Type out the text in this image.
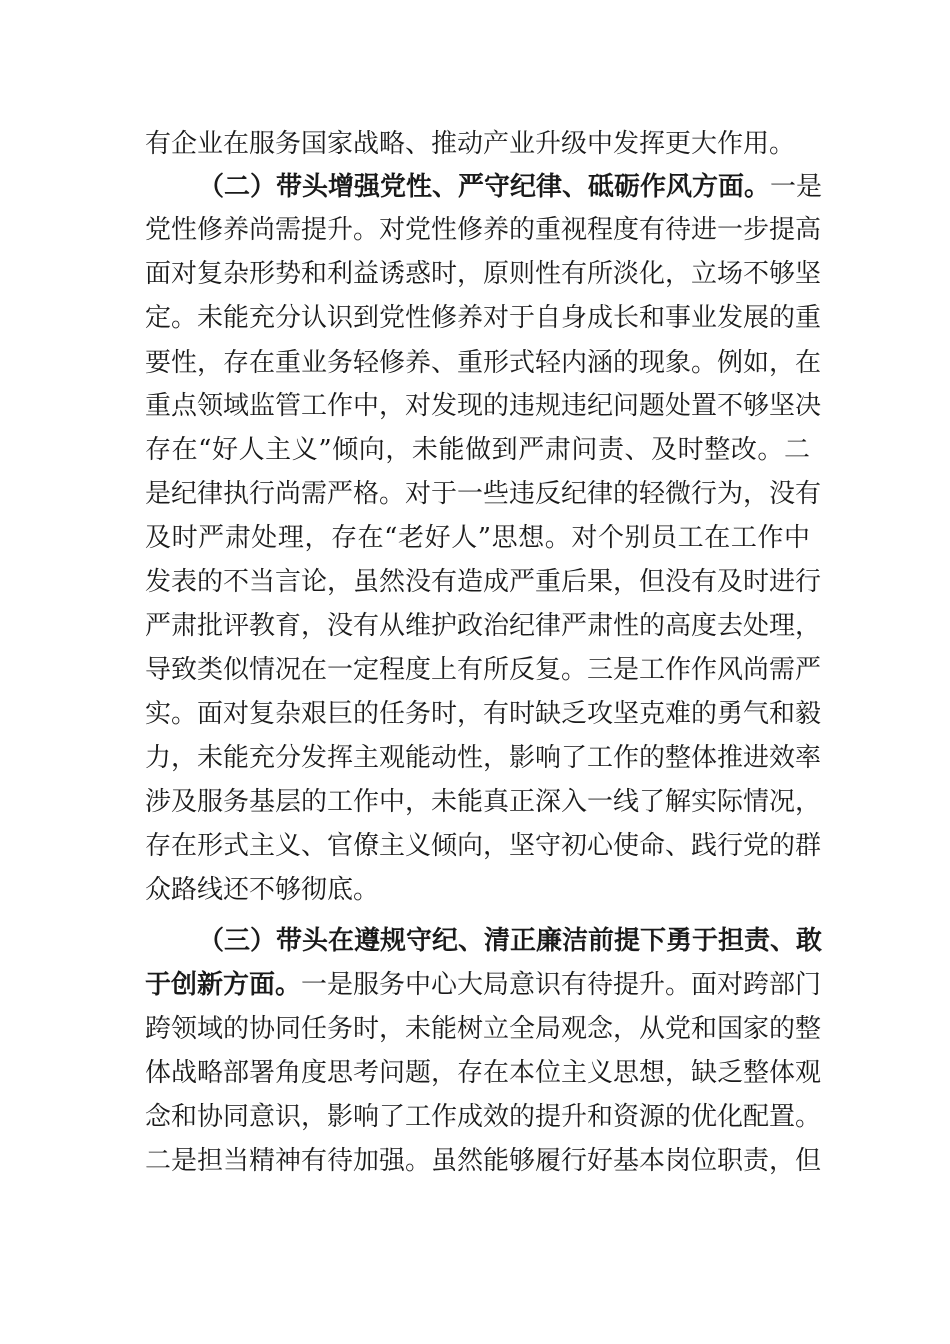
有企业在服务国家战略、推动产业升级中发挥更大作用。
（二）带头增强党性、严守纪律、砥砺作风方面。一是
党性修养尚需提升。对党性修养的重视程度有待进一步提高
面对复杂形势和利益诱惑时，原则性有所淡化，立场不够坚
定。未能充分认识到党性修养对于自身成长和事业发展的重
要性，存在重业务轻修养、重形式轻内涵的现象。例如，在
重点领域监管工作中，对发现的违规违纪问题处置不够坚决
存在“好人主义”倾向，未能做到严肃问责、及时整改。二
是纪律执行尚需严格。对于一些违反纪律的轻微行为，没有
及时严肃处理，存在“老好人”思想。对个别员工在工作中
发表的不当言论，虽然没有造成严重后果，但没有及时进行
严肃批评教育，没有从维护政治纪律严肃性的高度去处理，
导致类似情况在一定程度上有所反复。三是工作作风尚需严
实。面对复杂艰巨的任务时，有时缺乏攻坚克难的勇气和毅
力，未能充分发挥主观能动性，影响了工作的整体推进效率
涉及服务基层的工作中，未能真正深入一线了解实际情况，
存在形式主义、官僚主义倾向，坚守初心使命、践行党的群
众路线还不够彻底。
（三）带头在遵规守纪、清正廉洁前提下勇于担责、敢
于创新方面。一是服务中心大局意识有待提升。面对跨部门
跨领域的协同任务时，未能树立全局观念，从党和国家的整
体战略部署角度思考问题，存在本位主义思想，缺乏整体观
念和协同意识，影响了工作成效的提升和资源的优化配置。
二是担当精神有待加强。虽然能够履行好基本岗位职责，但
